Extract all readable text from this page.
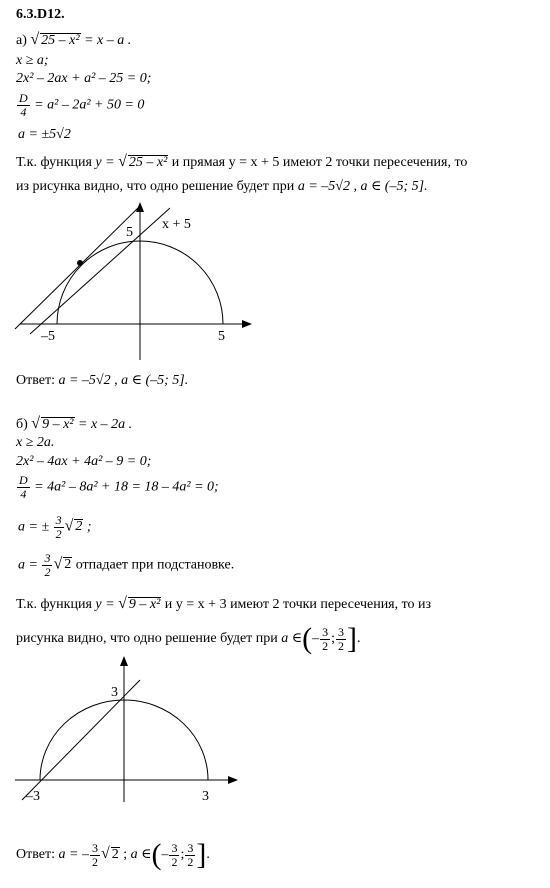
6.3.D12.
а) √ 25 – x² = x – a .
x ≥ a;
2x² – 2ax + a² – 25 = 0;
$\frac{D}{4} = a^2 - 2a^2 + 50 = 0$
a = ±5√2
Т.к. функция y = √ 25 – x² и прямая y = x + 5 имеют 2 точки пересечения, то
из рисунка видно, что одно решение будет при a = –5√2 , a ∈ (–5; 5].
x + 5
5
–5	5
Ответ: a = –5√2 , a ∈ (–5; 5].
б) √ 9 – x² = x – 2a .
x ≥ 2a.
2x² – 4ax + 4a² – 9 = 0;
$\frac{D}{4} = 4a^2 - 8a^2 + 18 = 18 - 4a^2 = 0$;
a = ± $\frac{3}{2}$ √ 2 ;
$a = \frac{3}{2}$ √ 2 отпадает при подстановке.
Т.к. функция y = √ 9 – x² и y = x + 3 имеют 2 точки пересечения, то из
рисунка видно, что одно решение будет при a ∈(– $\frac{3}{2}$ ; $\frac{3}{2}$ ].
3
–3	3
Ответ: a = – $\frac{3}{2}$ √ 2 ; a ∈(– $\frac{3}{2}$ ; $\frac{3}{2}$ ].
